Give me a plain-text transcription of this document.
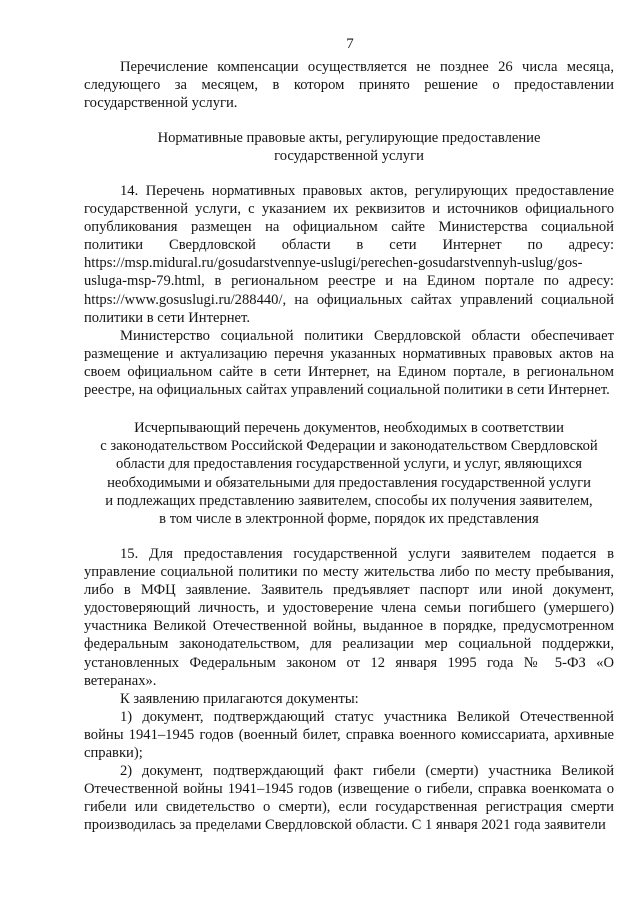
7

Перечисление компенсации осуществляется не позднее 26 числа месяца, следующего за месяцем, в котором принято решение о предоставлении государственной услуги.

Нормативные правовые акты, регулирующие предоставление
государственной услуги

14. Перечень нормативных правовых актов, регулирующих предоставление государственной услуги, с указанием их реквизитов и источников официального опубликования размещен на официальном сайте Министерства социальной политики Свердловской области в сети Интернет по адресу: https://msp.midural.ru/gosudarstvennye-uslugi/perechen-gosudarstvennyh-uslug/gos-usluga-msp-79.html, в региональном реестре и на Едином портале по адресу: https://www.gosuslugi.ru/288440/, на официальных сайтах управлений социальной политики в сети Интернет.

Министерство социальной политики Свердловской области обеспечивает размещение и актуализацию перечня указанных нормативных правовых актов на своем официальном сайте в сети Интернет, на Едином портале, в региональном реестре, на официальных сайтах управлений социальной политики в сети Интернет.

Исчерпывающий перечень документов, необходимых в соответствии
с законодательством Российской Федерации и законодательством Свердловской
области для предоставления государственной услуги, и услуг, являющихся
необходимыми и обязательными для предоставления государственной услуги
и подлежащих представлению заявителем, способы их получения заявителем,
в том числе в электронной форме, порядок их представления

15. Для предоставления государственной услуги заявителем подается в управление социальной политики по месту жительства либо по месту пребывания, либо в МФЦ заявление. Заявитель предъявляет паспорт или иной документ, удостоверяющий личность, и удостоверение члена семьи погибшего (умершего) участника Великой Отечественной войны, выданное в порядке, предусмотренном федеральным законодательством, для реализации мер социальной поддержки, установленных Федеральным законом от 12 января 1995 года № 5-ФЗ «О ветеранах».

К заявлению прилагаются документы:

1) документ, подтверждающий статус участника Великой Отечественной войны 1941–1945 годов (военный билет, справка военного комиссариата, архивные справки);

2) документ, подтверждающий факт гибели (смерти) участника Великой Отечественной войны 1941–1945 годов (извещение о гибели, справка военкомата о гибели или свидетельство о смерти), если государственная регистрация смерти производилась за пределами Свердловской области. С 1 января 2021 года заявители
